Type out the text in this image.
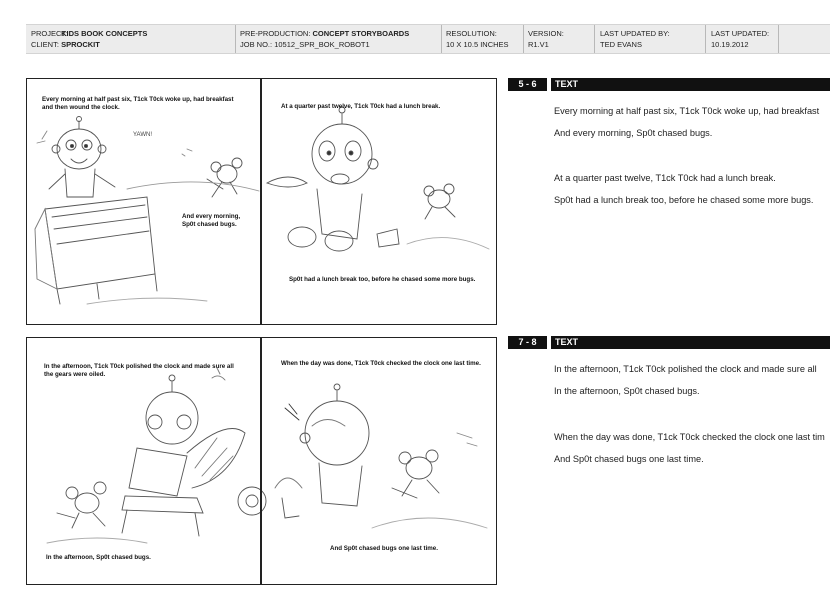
PROJECT: KIDS BOOK CONCEPTS
CLIENT: SPROCKIT
PRE-PRODUCTION: CONCEPT STORYBOARDS
JOB NO.: 10512_SPR_BOK_ROBOT1
RESOLUTION:
10 X 10.5 INCHES
VERSION:
R1.V1
LAST UPDATED BY:
TED EVANS
LAST UPDATED:
10.19.2012
Every morning at half past six, T1ck T0ck woke up, had breakfast and then wound the clock.
YAWN!
And every morning, Sp0t chased bugs.
At a quarter past twelve, T1ck T0ck had a lunch break.
Sp0t had a lunch break too, before he chased some more bugs.
5 - 6	TEXT
Every morning at half past six, T1ck T0ck woke up, had breakfast
And every morning, Sp0t chased bugs.
At a quarter past twelve, T1ck T0ck had a lunch break.
Sp0t had a lunch break too, before he chased some more bugs.
In the afternoon, T1ck T0ck polished the clock and made sure all the gears were oiled.
In the afternoon, Sp0t chased bugs.
When the day was done, T1ck T0ck checked the clock one last time.
And Sp0t chased bugs one last time.
7 - 8	TEXT
In the afternoon, T1ck T0ck polished the clock and made sure all
In the afternoon, Sp0t chased bugs.
When the day was done, T1ck T0ck checked the clock one last tim
And Sp0t chased bugs one last time.
